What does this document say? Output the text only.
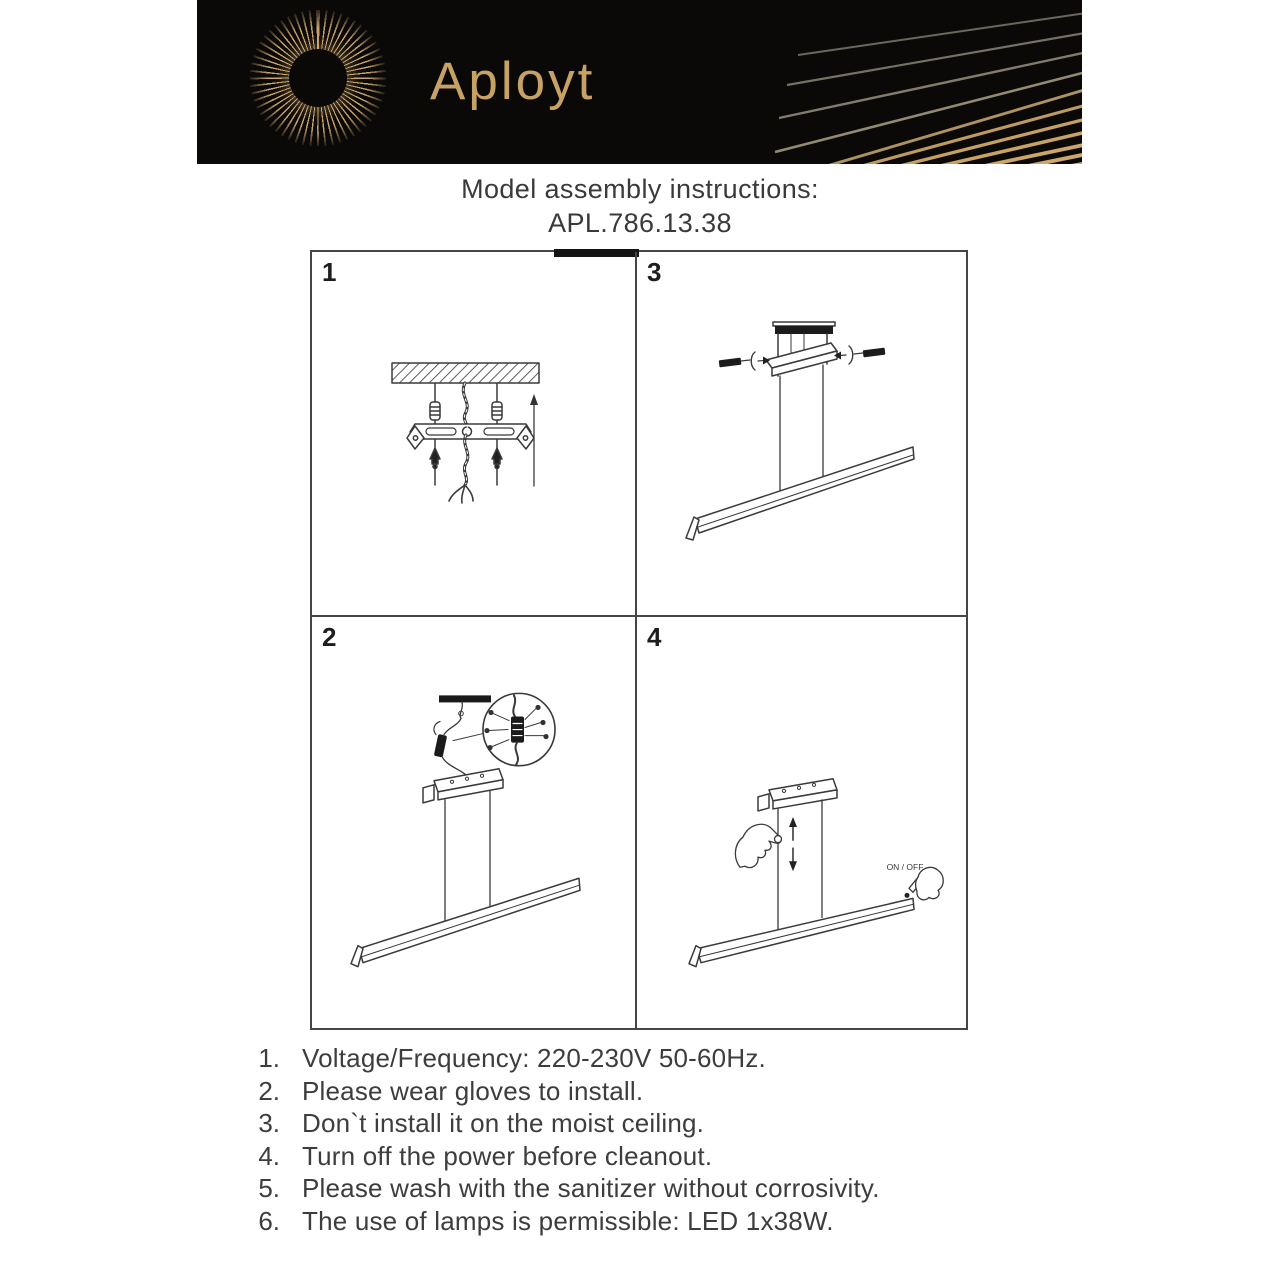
Aployt
Model assembly instructions:
APL.786.13.38
1	3
2	4
ON / OFF
1. Voltage/Frequency: 220-230V 50-60Hz.
2. Please wear gloves to install.
3. Don`t install it on the moist ceiling.
4. Turn off the power before cleanout.
5. Please wash with the sanitizer without corrosivity.
6. The use of lamps is permissible: LED 1x38W.
